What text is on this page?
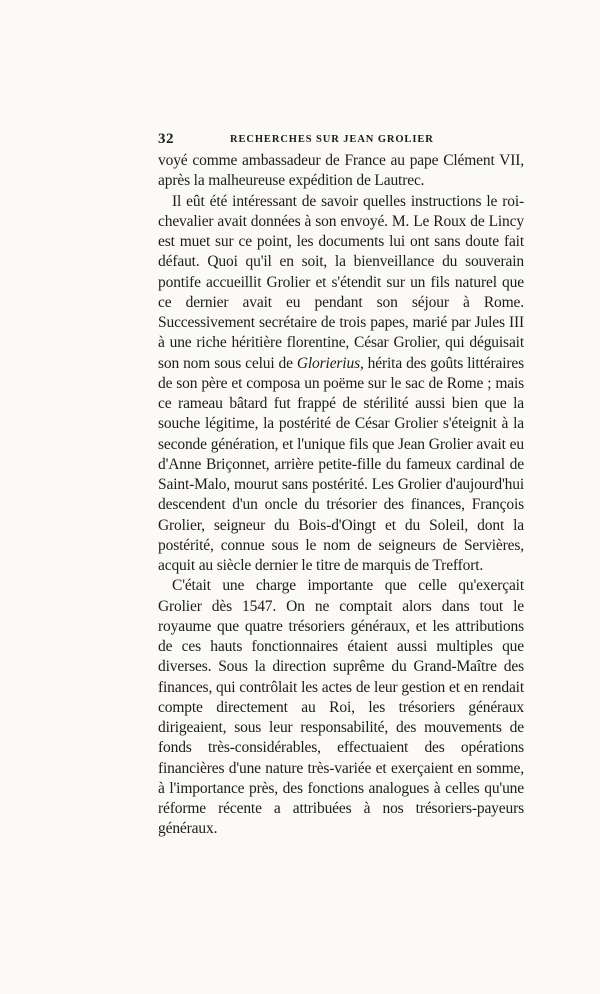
32	RECHERCHES SUR JEAN GROLIER

voyé comme ambassadeur de France au pape Clément VII, après la malheureuse expédition de Lautrec.

Il eût été intéressant de savoir quelles instructions le roi-chevalier avait données à son envoyé. M. Le Roux de Lincy est muet sur ce point, les documents lui ont sans doute fait défaut. Quoi qu'il en soit, la bienveillance du souverain pontife accueillit Grolier et s'étendit sur un fils naturel que ce dernier avait eu pendant son séjour à Rome. Successivement secrétaire de trois papes, marié par Jules III à une riche héritière florentine, César Grolier, qui déguisait son nom sous celui de Glorierius, hérita des goûts littéraires de son père et composa un poëme sur le sac de Rome ; mais ce rameau bâtard fut frappé de stérilité aussi bien que la souche légitime, la postérité de César Grolier s'éteignit à la seconde génération, et l'unique fils que Jean Grolier avait eu d'Anne Briçonnet, arrière petite-fille du fameux cardinal de Saint-Malo, mourut sans postérité. Les Grolier d'aujourd'hui descendent d'un oncle du trésorier des finances, François Grolier, seigneur du Bois-d'Oingt et du Soleil, dont la postérité, connue sous le nom de seigneurs de Servières, acquit au siècle dernier le titre de marquis de Treffort.

C'était une charge importante que celle qu'exerçait Grolier dès 1547. On ne comptait alors dans tout le royaume que quatre trésoriers généraux, et les attributions de ces hauts fonctionnaires étaient aussi multiples que diverses. Sous la direction suprême du Grand-Maître des finances, qui contrôlait les actes de leur gestion et en rendait compte directement au Roi, les trésoriers généraux dirigeaient, sous leur responsabilité, des mouvements de fonds très-considérables, effectuaient des opérations financières d'une nature très-variée et exerçaient en somme, à l'importance près, des fonctions analogues à celles qu'une réforme récente a attribuées à nos trésoriers-payeurs généraux.
